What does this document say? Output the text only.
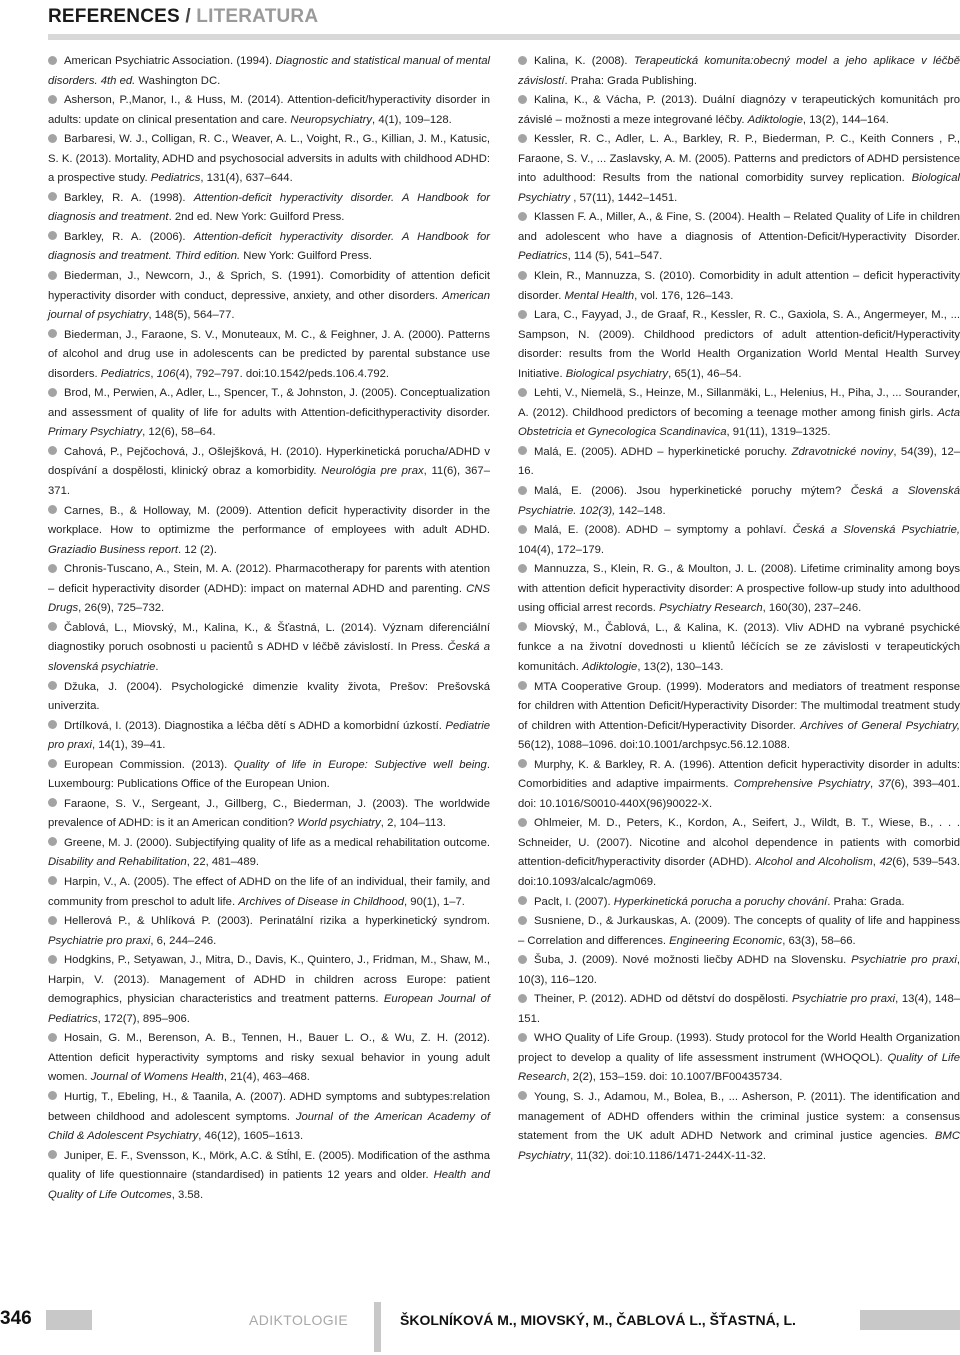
REFERENCES / LITERATURA

American Psychiatric Association. (1994). Diagnostic and statistical manual of mental disorders. 4th ed. Washington DC.

Asherson, P.,Manor, I., & Huss, M. (2014). Attention-deficit/hyperactivity disorder in adults: update on clinical presentation and care. Neuropsychiatry, 4(1), 109–128.

Barbaresi, W. J., Colligan, R. C., Weaver, A. L., Voight, R., G., Killian, J. M., Katusic, S. K. (2013). Mortality, ADHD and psychosocial adversits in adults with childhood ADHD: a prospective study. Pediatrics, 131(4), 637–644.

Barkley, R. A. (1998). Attention-deficit hyperactivity disorder. A Handbook for diagnosis and treatment. 2nd ed. New York: Guilford Press.

Barkley, R. A. (2006). Attention-deficit hyperactivity disorder. A Handbook for diagnosis and treatment. Third edition. New York: Guilford Press.

Biederman, J., Newcorn, J., & Sprich, S. (1991). Comorbidity of attention deficit hyperactivity disorder with conduct, depressive, anxiety, and other disorders. American journal of psychiatry, 148(5), 564–77.

Biederman, J., Faraone, S. V., Monuteaux, M. C., & Feighner, J. A. (2000). Patterns of alcohol and drug use in adolescents can be predicted by parental substance use disorders. Pediatrics, 106(4), 792–797. doi:10.1542/peds.106.4.792.

Brod, M., Perwien, A., Adler, L., Spencer, T., & Johnston, J. (2005). Conceptualization and assessment of quality of life for adults with Attention-deficithyperactivity disorder. Primary Psychiatry, 12(6), 58–64.

Cahová, P., Pejčochová, J., Ošlejšková, H. (2010). Hyperkinetická porucha/ADHD v dospívání a dospělosti, klinický obraz a komorbidity. Neurológia pre prax, 11(6), 367–371.

Carnes, B., & Holloway, M. (2009). Attention deficit hyperactivity disorder in the workplace. How to optimizme the performance of employees with adult ADHD. Graziadio Business report. 12 (2).

Chronis-Tuscano, A., Stein, M. A. (2012). Pharmacotherapy for parents with atention – deficit hyperactivity disorder (ADHD): impact on maternal ADHD and parenting. CNS Drugs, 26(9), 725–732.

Čablová, L., Miovský, M., Kalina, K., & Šťastná, L. (2014). Význam diferenciální diagnostiky poruch osobnosti u pacientů s ADHD v léčbě závislostí. In Press. Česká a slovenská psychiatrie.

Džuka, J. (2004). Psychologické dimenzie kvality života, Prešov: Prešovská univerzita.

Drtílková, I. (2013). Diagnostika a léčba dětí s ADHD a komorbidní úzkostí. Pediatrie pro praxi, 14(1), 39–41.

European Commission. (2013). Quality of life in Europe: Subjective well being. Luxembourg: Publications Office of the European Union.

Faraone, S. V., Sergeant, J., Gillberg, C., Biederman, J. (2003). The worldwide prevalence of ADHD: is it an American condition? World psychiatry, 2, 104–113.

Greene, M. J. (2000). Subjectifying quality of life as a medical rehabilitation outcome. Disability and Rehabilitation, 22, 481–489.

Harpin, V., A. (2005). The effect of ADHD on the life of an individual, their family, and community from preschol to adult life. Archives of Disease in Childhood, 90(1), 1–7.

Hellerová P., & Uhlíková P. (2003). Perinatální rizika a hyperkinetický syndrom. Psychiatrie pro praxi, 6, 244–246.

Hodgkins, P., Setyawan, J., Mitra, D., Davis, K., Quintero, J., Fridman, M., Shaw, M., Harpin, V. (2013). Management of ADHD in children across Europe: patient demographics, physician characteristics and treatment patterns. European Journal of Pediatrics, 172(7), 895–906.

Hosain, G. M., Berenson, A. B., Tennen, H., Bauer L. O., & Wu, Z. H. (2012). Attention deficit hyperactivity symptoms and risky sexual behavior in young adult women. Journal of Womens Health, 21(4), 463–468.

Hurtig, T., Ebeling, H., & Taanila, A. (2007). ADHD symptoms and subtypes:relation between childhood and adolescent symptoms. Journal of the American Academy of Child & Adolescent Psychiatry, 46(12), 1605–1613.

Juniper, E. F., Svensson, K., Mörk, A.C. & Stĺhl, E. (2005). Modification of the asthma quality of life questionnaire (standardised) in patients 12 years and older. Health and Quality of Life Outcomes, 3.58.

Kalina, K. (2008). Terapeutická komunita:obecný model a jeho aplikace v léčbě závislostí. Praha: Grada Publishing.

Kalina, K., & Vácha, P. (2013). Duální diagnózy v terapeutických komunitách pro závislé – možnosti a meze integrované léčby. Adiktologie, 13(2), 144–164.

Kessler, R. C., Adler, L. A., Barkley, R. P., Biederman, P. C., Keith Conners , P., Faraone, S. V., ... Zaslavsky, A. M. (2005). Patterns and predictors of ADHD persistence into adulthood: Results from the national comorbidity survey replication. Biological Psychiatry , 57(11), 1442–1451.

Klassen F. A., Miller, A., & Fine, S. (2004). Health – Related Quality of Life in children and adolescent who have a diagnosis of Attention-Deficit/Hyperactivity Disorder. Pediatrics, 114 (5), 541–547.

Klein, R., Mannuzza, S. (2010). Comorbidity in adult attention – deficit hyperactivity disorder. Mental Health, vol. 176, 126–143.

Lara, C., Fayyad, J., de Graaf, R., Kessler, R. C., Gaxiola, S. A., Angermeyer, M., ... Sampson, N. (2009). Childhood predictors of adult attention-deficit/Hyperactivity disorder: results from the World Health Organization World Mental Health Survey Initiative. Biological psychiatry, 65(1), 46–54.

Lehti, V., Niemelä, S., Heinze, M., Sillanmäki, L., Helenius, H., Piha, J., ... Sourander, A. (2012). Childhood predictors of becoming a teenage mother among finish girls. Acta Obstetricia et Gynecologica Scandinavica, 91(11), 1319–1325.

Malá, E. (2005). ADHD – hyperkinetické poruchy. Zdravotnické noviny, 54(39), 12–16.

Malá, E. (2006). Jsou hyperkinetické poruchy mýtem? Česká a Slovenská Psychiatrie. 102(3), 142–148.

Malá, E. (2008). ADHD – symptomy a pohlaví. Česká a Slovenská Psychiatrie, 104(4), 172–179.

Mannuzza, S., Klein, R. G., & Moulton, J. L. (2008). Lifetime criminality among boys with attention deficit hyperactivity disorder: A prospective follow-up study into adulthood using official arrest records. Psychiatry Research, 160(30), 237–246.

Miovský, M., Čablová, L., & Kalina, K. (2013). Vliv ADHD na vybrané psychické funkce a na životní dovednosti u klientů léčících se ze závislosti v terapeutických komunitách. Adiktologie, 13(2), 130–143.

MTA Cooperative Group. (1999). Moderators and mediators of treatment response for children with Attention Deficit/Hyperactivity Disorder: The multimodal treatment study of children with Attention-Deficit/Hyperactivity Disorder. Archives of General Psychiatry, 56(12), 1088–1096. doi:10.1001/archpsyc.56.12.1088.

Murphy, K. & Barkley, R. A. (1996). Attention deficit hyperactivity disorder in adults: Comorbidities and adaptive impairments. Comprehensive Psychiatry, 37(6), 393–401. doi: 10.1016/S0010-440X(96)90022-X.

Ohlmeier, M. D., Peters, K., Kordon, A., Seifert, J., Wildt, B. T., Wiese, B., . . . Schneider, U. (2007). Nicotine and alcohol dependence in patients with comorbid attention-deficit/hyperactivity disorder (ADHD). Alcohol and Alcoholism, 42(6), 539–543. doi:10.1093/alcalc/agm069.

Paclt, I. (2007). Hyperkinetická porucha a poruchy chování. Praha: Grada.

Susniene, D., & Jurkauskas, A. (2009). The concepts of quality of life and happiness – Correlation and differences. Engineering Economic, 63(3), 58–66.

Šuba, J. (2009). Nové možnosti liečby ADHD na Slovensku. Psychiatrie pro praxi, 10(3), 116–120.

Theiner, P. (2012). ADHD od dětství do dospělosti. Psychiatrie pro praxi, 13(4), 148–151.

WHO Quality of Life Group. (1993). Study protocol for the World Health Organization project to develop a quality of life assessment instrument (WHOQOL). Quality of Life Research, 2(2), 153–159. doi: 10.1007/BF00435734.

Young, S. J., Adamou, M., Bolea, B., ... Asherson, P. (2011). The identification and management of ADHD offenders within the criminal justice system: a consensus statement from the UK adult ADHD Network and criminal justice agencies. BMC Psychiatry, 11(32). doi:10.1186/1471-244X-11-32.

346	ADIKTOLOGIE	ŠKOLNÍKOVÁ M., MIOVSKÝ, M., ČABLOVÁ L., ŠŤASTNÁ, L.
